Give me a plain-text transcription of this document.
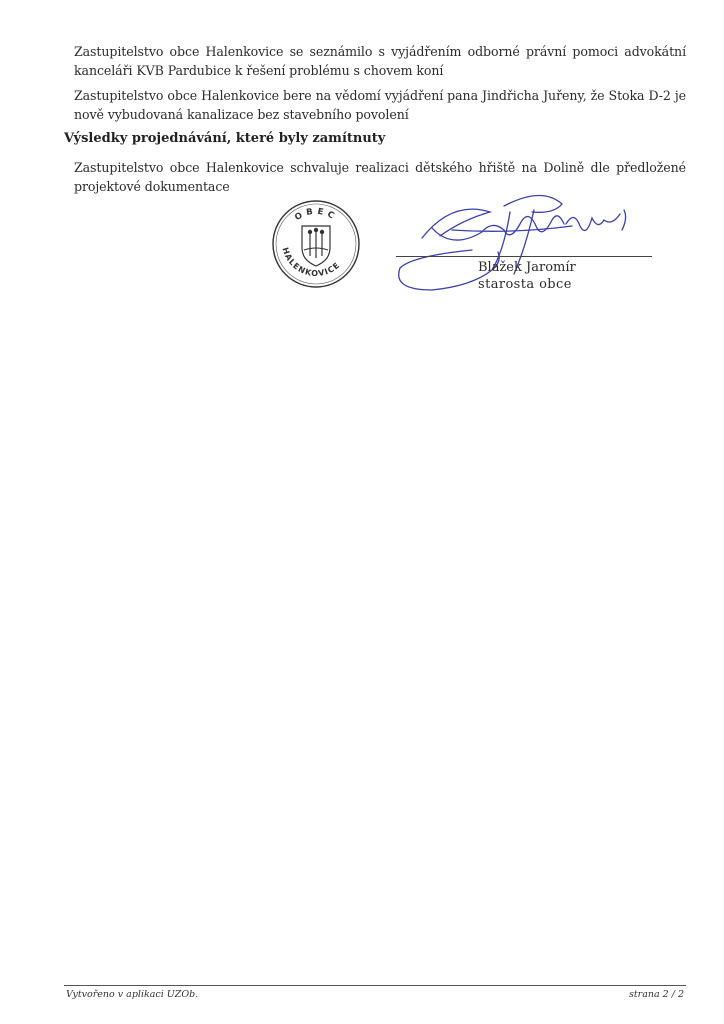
Zastupitelstvo obce Halenkovice se seznámilo s vyjádřením odborné právní pomoci advokátní kanceláři KVB Pardubice k řešení problému s chovem koní

Zastupitelstvo obce Halenkovice bere na vědomí vyjádření pana Jindřicha Juřeny, že Stoka D-2 je nově vybudovaná kanalizace bez stavebního povolení

Výsledky projednávání, které byly zamítnuty

Zastupitelstvo obce Halenkovice schvaluje realizaci dětského hřiště na Dolině dle předložené projektové dokumentace

OBEC
HALENKOVICE	Blažek Jaromír

starosta obce

Vytvořeno v aplikaci UZOb.	strana 2 / 2
